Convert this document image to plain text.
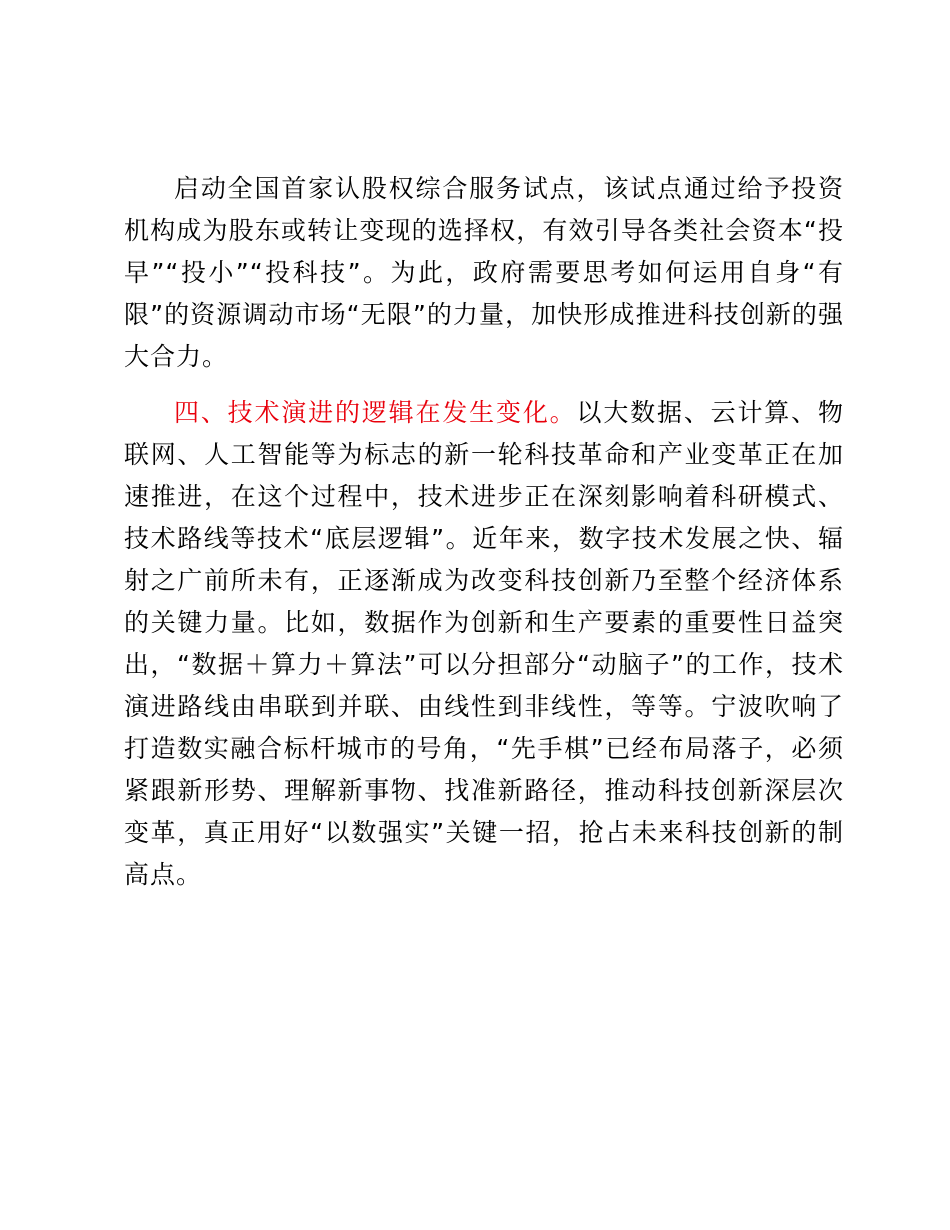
启动全国首家认股权综合服务试点，该试点通过给予投资机构成为股东或转让变现的选择权，有效引导各类社会资本“投早”“投小”“投科技”。为此，政府需要思考如何运用自身“有限”的资源调动市场“无限”的力量，加快形成推进科技创新的强大合力。

四、技术演进的逻辑在发生变化。以大数据、云计算、物联网、人工智能等为标志的新一轮科技革命和产业变革正在加速推进，在这个过程中，技术进步正在深刻影响着科研模式、技术路线等技术“底层逻辑”。近年来，数字技术发展之快、辐射之广前所未有，正逐渐成为改变科技创新乃至整个经济体系的关键力量。比如，数据作为创新和生产要素的重要性日益突出，“数据＋算力＋算法”可以分担部分“动脑子”的工作，技术演进路线由串联到并联、由线性到非线性，等等。宁波吹响了打造数实融合标杆城市的号角，“先手棋”已经布局落子，必须紧跟新形势、理解新事物、找准新路径，推动科技创新深层次变革，真正用好“以数强实”关键一招，抢占未来科技创新的制高点。
